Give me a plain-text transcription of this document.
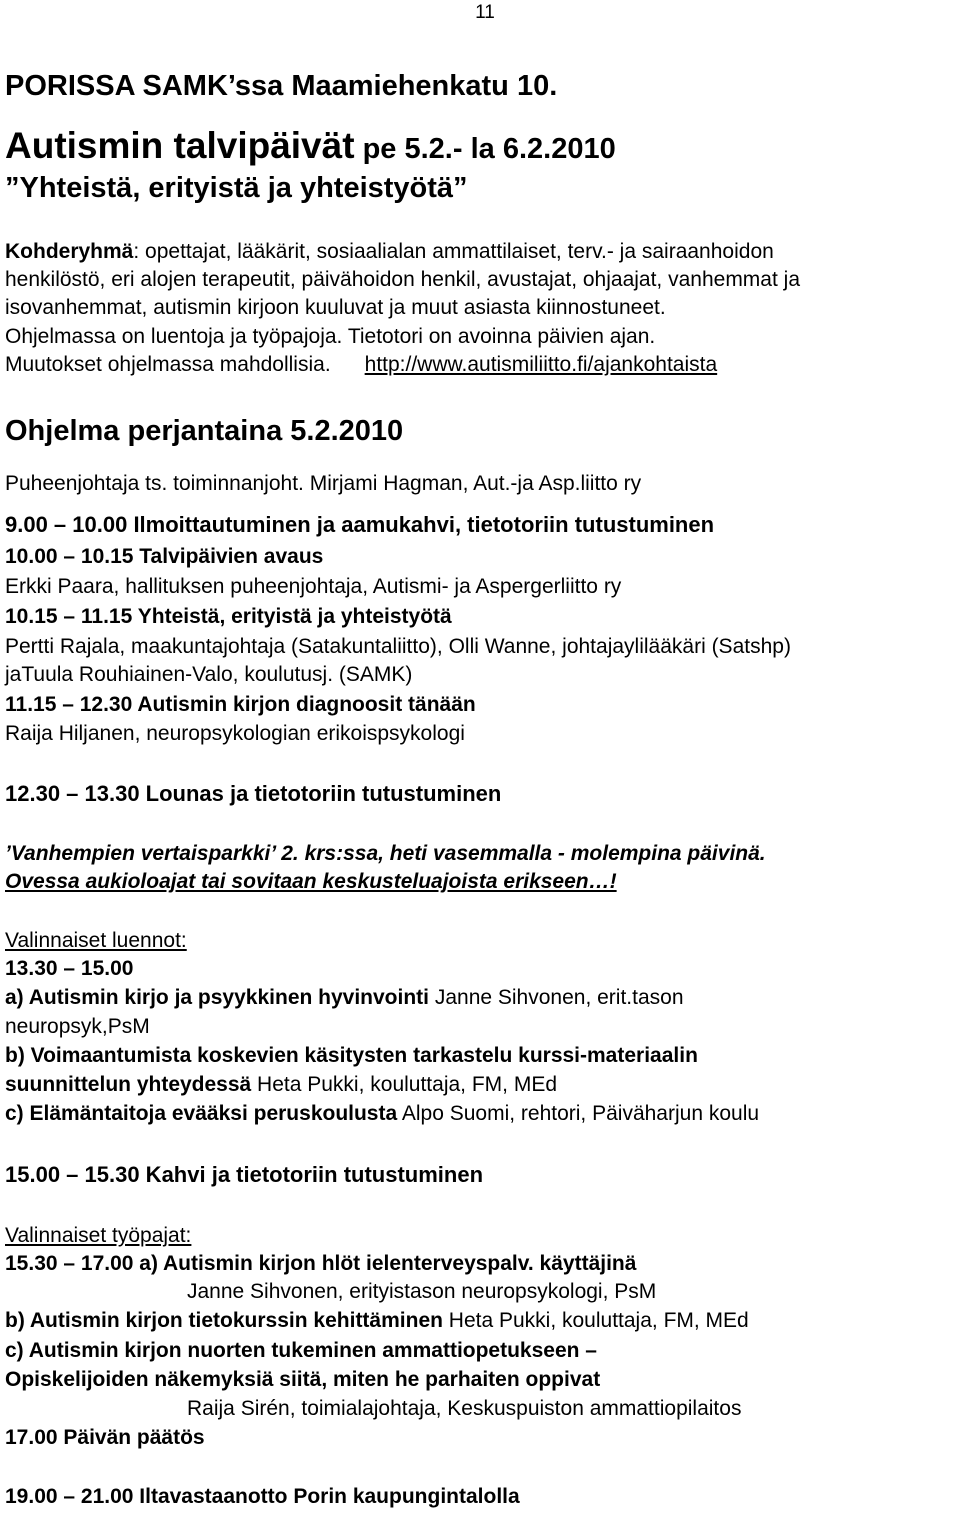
11
PORISSA SAMK’ssa Maamiehenkatu 10.
Autismin talvipäivät pe 5.2.- la 6.2.2010
”Yhteistä, erityistä ja yhteistyötä”
Kohderyhmä: opettajat, lääkärit, sosiaalialan ammattilaiset, terv.- ja sairaanhoidon
henkilöstö, eri alojen terapeutit, päivähoidon henkil, avustajat, ohjaajat, vanhemmat ja
isovanhemmat, autismin kirjoon kuuluvat ja muut asiasta kiinnostuneet.
Ohjelmassa on luentoja ja työpajoja. Tietotori on avoinna päivien ajan.
Muutokset ohjelmassa mahdollisia. http://www.autismiliitto.fi/ajankohtaista
Ohjelma perjantaina 5.2.2010
Puheenjohtaja ts. toiminnanjoht. Mirjami Hagman, Aut.-ja Asp.liitto ry
9.00 – 10.00 Ilmoittautuminen ja aamukahvi, tietotoriin tutustuminen
10.00 – 10.15 Talvipäivien avaus
Erkki Paara, hallituksen puheenjohtaja, Autismi- ja Aspergerliitto ry
10.15 – 11.15 Yhteistä, erityistä ja yhteistyötä
Pertti Rajala, maakuntajohtaja (Satakuntaliitto), Olli Wanne, johtajaylilääkäri (Satshp)
jaTuula Rouhiainen-Valo, koulutusj. (SAMK)
11.15 – 12.30 Autismin kirjon diagnoosit tänään
Raija Hiljanen, neuropsykologian erikoispsykologi
12.30 – 13.30 Lounas ja tietotoriin tutustuminen
’Vanhempien vertaisparkki’ 2. krs:ssa, heti vasemmalla - molempina päivinä.
Ovessa aukioloajat tai sovitaan keskusteluajoista erikseen…!
Valinnaiset luennot:
13.30 – 15.00
a) Autismin kirjo ja psyykkinen hyvinvointi Janne Sihvonen, erit.tason
neuropsyk,PsM
b) Voimaantumista koskevien käsitysten tarkastelu kurssi-materiaalin
suunnittelun yhteydessä Heta Pukki, kouluttaja, FM, MEd
c) Elämäntaitoja evääksi peruskoulusta Alpo Suomi, rehtori, Päiväharjun koulu
15.00 – 15.30 Kahvi ja tietotoriin tutustuminen
Valinnaiset työpajat:
15.30 – 17.00 a) Autismin kirjon hlöt ielenterveyspalv. käyttäjinä
Janne Sihvonen, erityistason neuropsykologi, PsM
b) Autismin kirjon tietokurssin kehittäminen Heta Pukki, kouluttaja, FM, MEd
c) Autismin kirjon nuorten tukeminen ammattiopetukseen –
Opiskelijoiden näkemyksiä siitä, miten he parhaiten oppivat
Raija Sirén, toimialajohtaja, Keskuspuiston ammattiopilaitos
17.00 Päivän päätös
19.00 – 21.00 Iltavastaanotto Porin kaupungintalolla
